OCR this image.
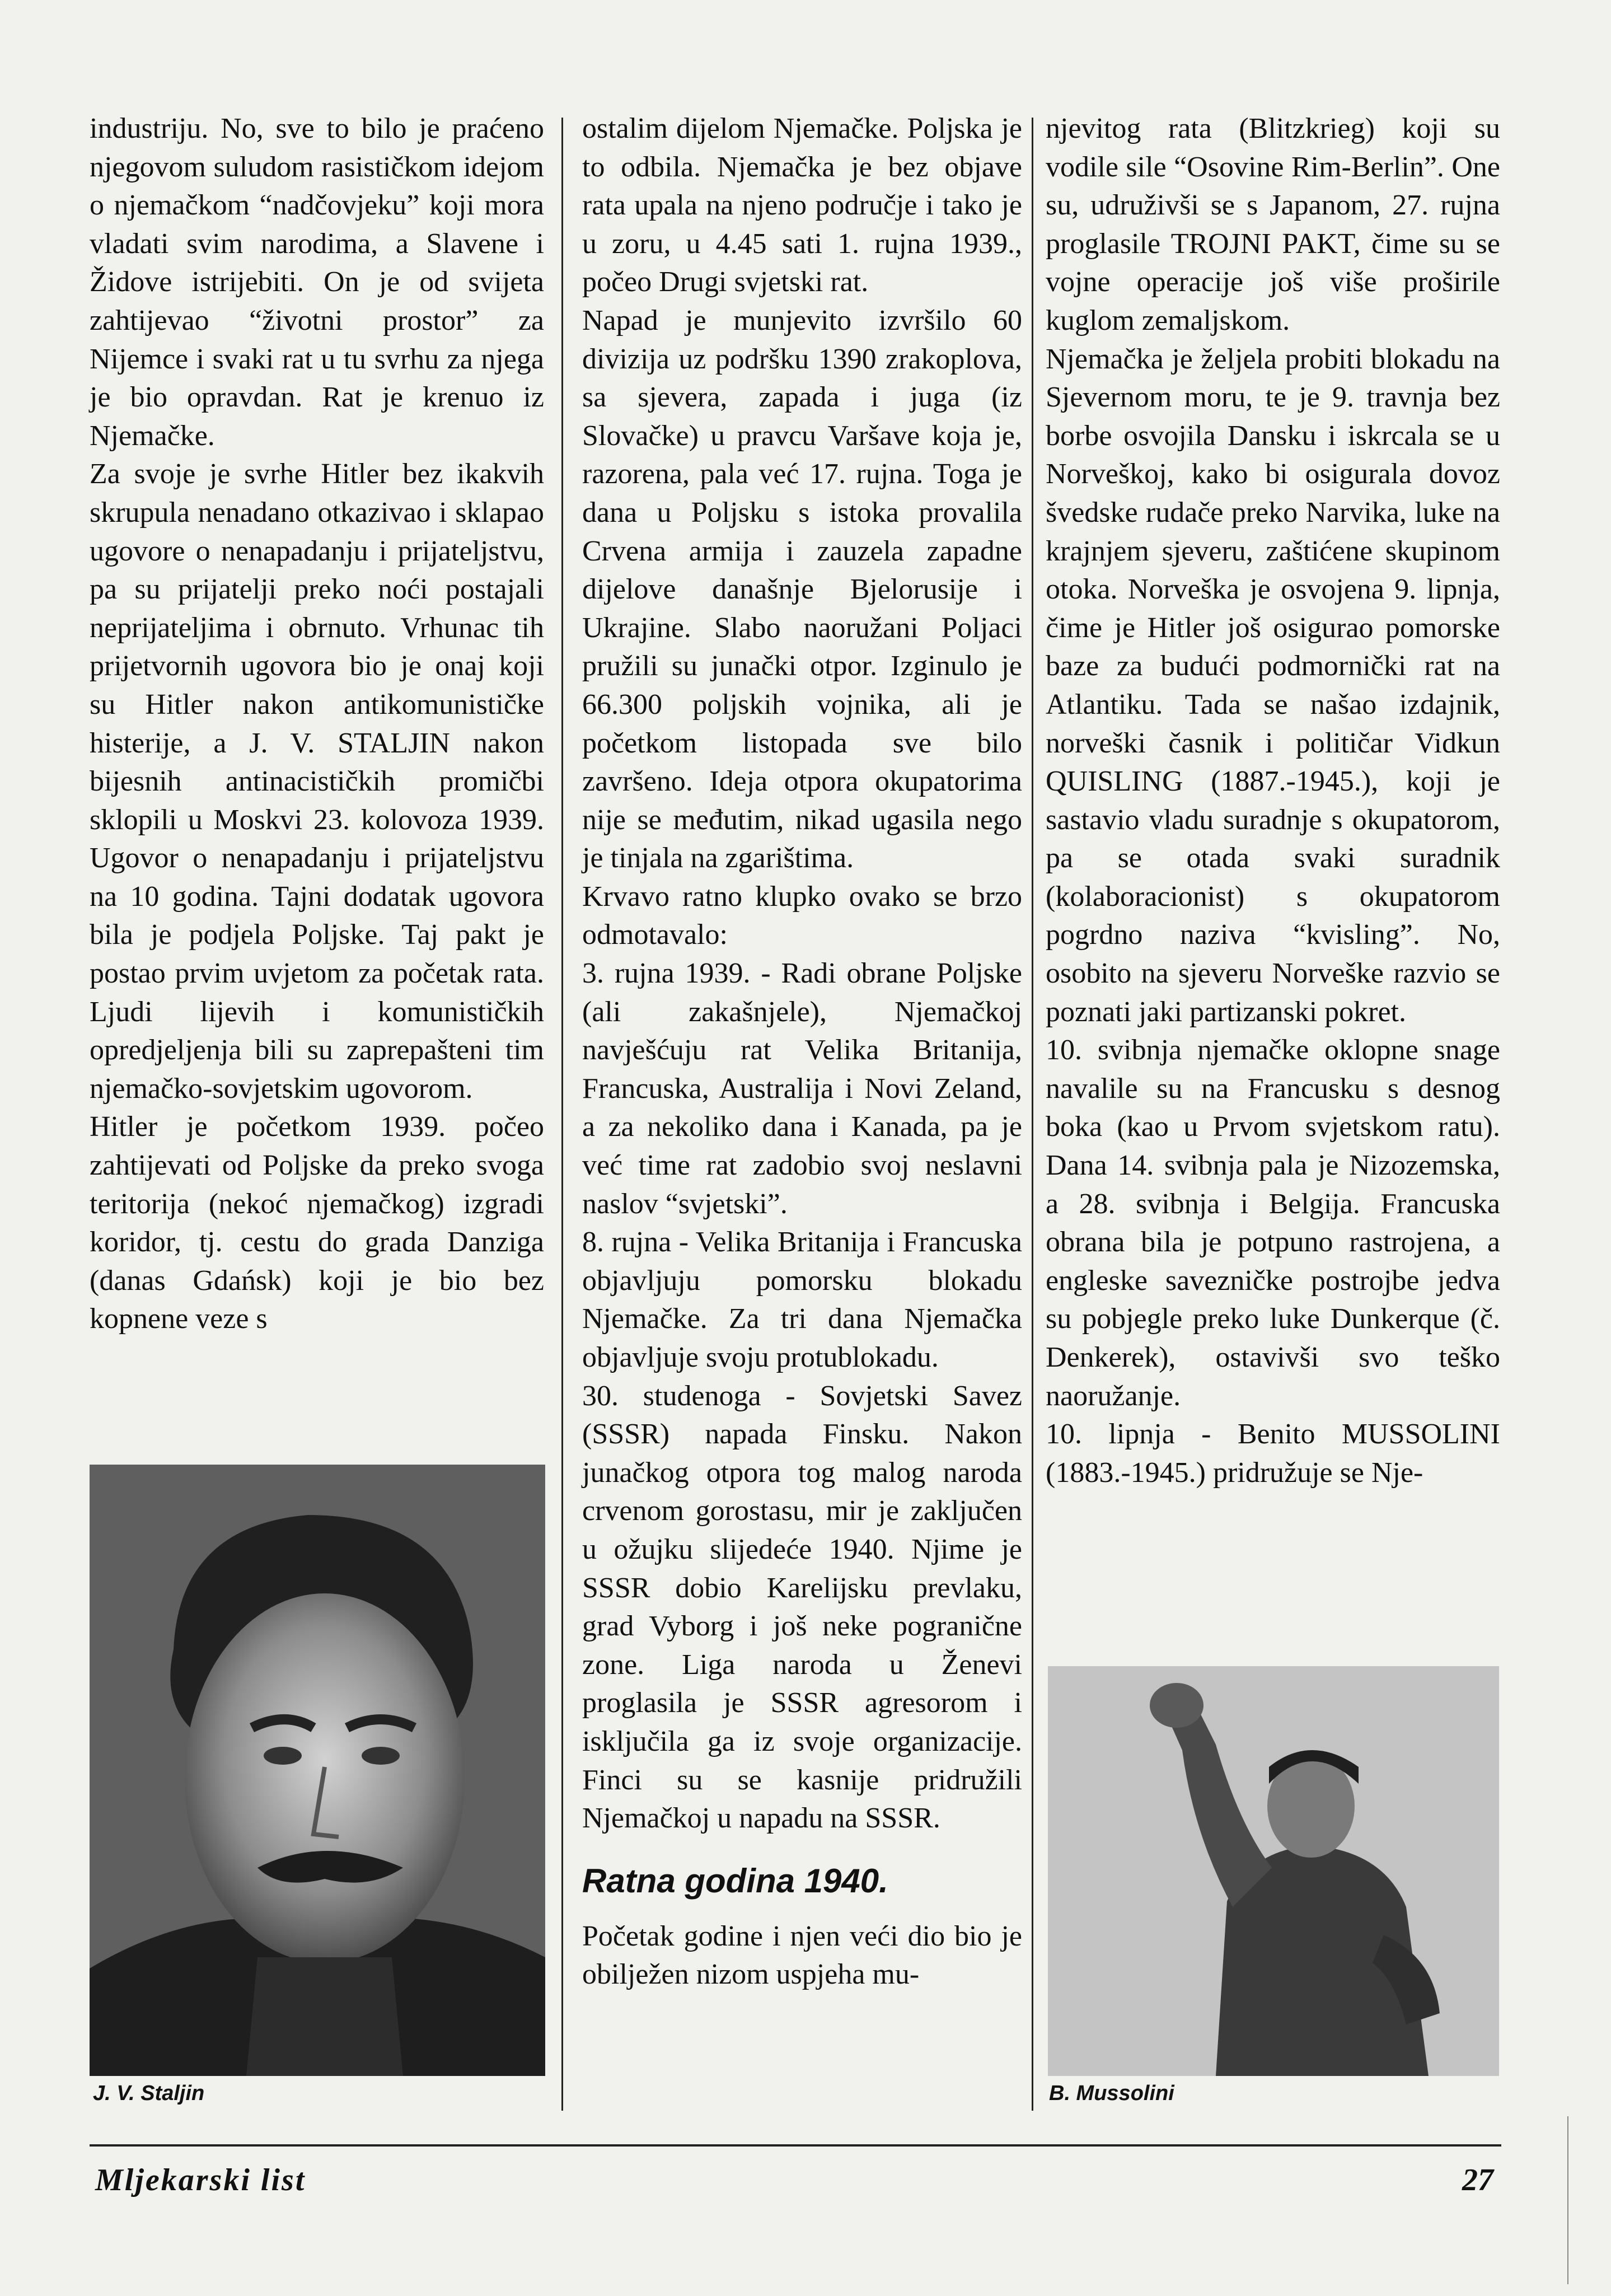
industriju. No, sve to bilo je praćeno njegovom suludom rasističkom idejom o njemačkom “nadčovjeku” koji mora vladati svim narodima, a Slavene i Židove istrijebiti. On je od svijeta zahtijevao “životni prostor” za Nijemce i svaki rat u tu svrhu za njega je bio opravdan. Rat je krenuo iz Njemačke.

Za svoje je svrhe Hitler bez ikakvih skrupula nenadano otkazivao i sklapao ugovore o nenapadanju i prijateljstvu, pa su prijatelji preko noći postajali neprijateljima i obrnuto. Vrhunac tih prijetvornih ugovora bio je onaj koji su Hitler nakon antikomunističke histerije, a J. V. STALJIN nakon bijesnih antinacističkih promičbi sklopili u Moskvi 23. kolovoza 1939. Ugovor o nenapadanju i prijateljstvu na 10 godina. Tajni dodatak ugovora bila je podjela Poljske. Taj pakt je postao prvim uvjetom za početak rata. Ljudi lijevih i komunističkih opredjeljenja bili su zaprepašteni tim njemačko-sovjetskim ugovorom.

Hitler je početkom 1939. počeo zahtijevati od Poljske da preko svoga teritorija (nekoć njemačkog) izgradi koridor, tj. cestu do grada Danziga (danas Gdańsk) koji je bio bez kopnene veze s

ostalim dijelom Njemačke. Poljska je to odbila. Njemačka je bez objave rata upala na njeno područje i tako je u zoru, u 4.45 sati 1. rujna 1939., počeo Drugi svjetski rat.

Napad je munjevito izvršilo 60 divizija uz podršku 1390 zrakoplova, sa sjevera, zapada i juga (iz Slovačke) u pravcu Varšave koja je, razorena, pala već 17. rujna. Toga je dana u Poljsku s istoka provalila Crvena armija i zauzela zapadne dijelove današnje Bjelorusije i Ukrajine. Slabo naoružani Poljaci pružili su junački otpor. Izginulo je 66.300 poljskih vojnika, ali je početkom listopada sve bilo završeno. Ideja otpora okupatorima nije se međutim, nikad ugasila nego je tinjala na zgarištima.

Krvavo ratno klupko ovako se brzo odmotavalo:

3. rujna 1939. - Radi obrane Poljske (ali zakašnjele), Njemačkoj navješćuju rat Velika Britanija, Francuska, Australija i Novi Zeland, a za nekoliko dana i Kanada, pa je već time rat zadobio svoj neslavni naslov “svjetski”.

8. rujna - Velika Britanija i Francuska objavljuju pomorsku blokadu Njemačke. Za tri dana Njemačka objavljuje svoju protublokadu.

30. studenoga - Sovjetski Savez (SSSR) napada Finsku. Nakon junačkog otpora tog malog naroda crvenom gorostasu, mir je zaključen u ožujku slijedeće 1940. Njime je SSSR dobio Karelijsku prevlaku, grad Vyborg i još neke pogranične zone. Liga naroda u Ženevi proglasila je SSSR agresorom i isključila ga iz svoje organizacije. Finci su se kasnije pridružili Njemačkoj u napadu na SSSR.

Ratna godina 1940.

Početak godine i njen veći dio bio je obilježen nizom uspjeha mu-

njevitog rata (Blitzkrieg) koji su vodile sile “Osovine Rim-Berlin”. One su, udruživši se s Japanom, 27. rujna proglasile TROJNI PAKT, čime su se vojne operacije još više proširile kuglom zemaljskom.

Njemačka je željela probiti blokadu na Sjevernom moru, te je 9. travnja bez borbe osvojila Dansku i iskrcala se u Norveškoj, kako bi osigurala dovoz švedske rudače preko Narvika, luke na krajnjem sjeveru, zaštićene skupinom otoka. Norveška je osvojena 9. lipnja, čime je Hitler još osigurao pomorske baze za budući podmornički rat na Atlantiku. Tada se našao izdajnik, norveški časnik i političar Vidkun QUISLING (1887.-1945.), koji je sastavio vladu suradnje s okupatorom, pa se otada svaki suradnik (kolaboracionist) s okupatorom pogrdno naziva “kvisling”. No, osobito na sjeveru Norveške razvio se poznati jaki partizanski pokret.

10. svibnja njemačke oklopne snage navalile su na Francusku s desnog boka (kao u Prvom svjetskom ratu). Dana 14. svibnja pala je Nizozemska, a 28. svibnja i Belgija. Francuska obrana bila je potpuno rastrojena, a engleske savezničke postrojbe jedva su pobjegle preko luke Dunkerque (č. Denkerek), ostavivši svo teško naoružanje.

10. lipnja - Benito MUSSOLINI (1883.-1945.) pridružuje se Nje-

J. V. Staljin	B. Mussolini
Mljekarski list	27
